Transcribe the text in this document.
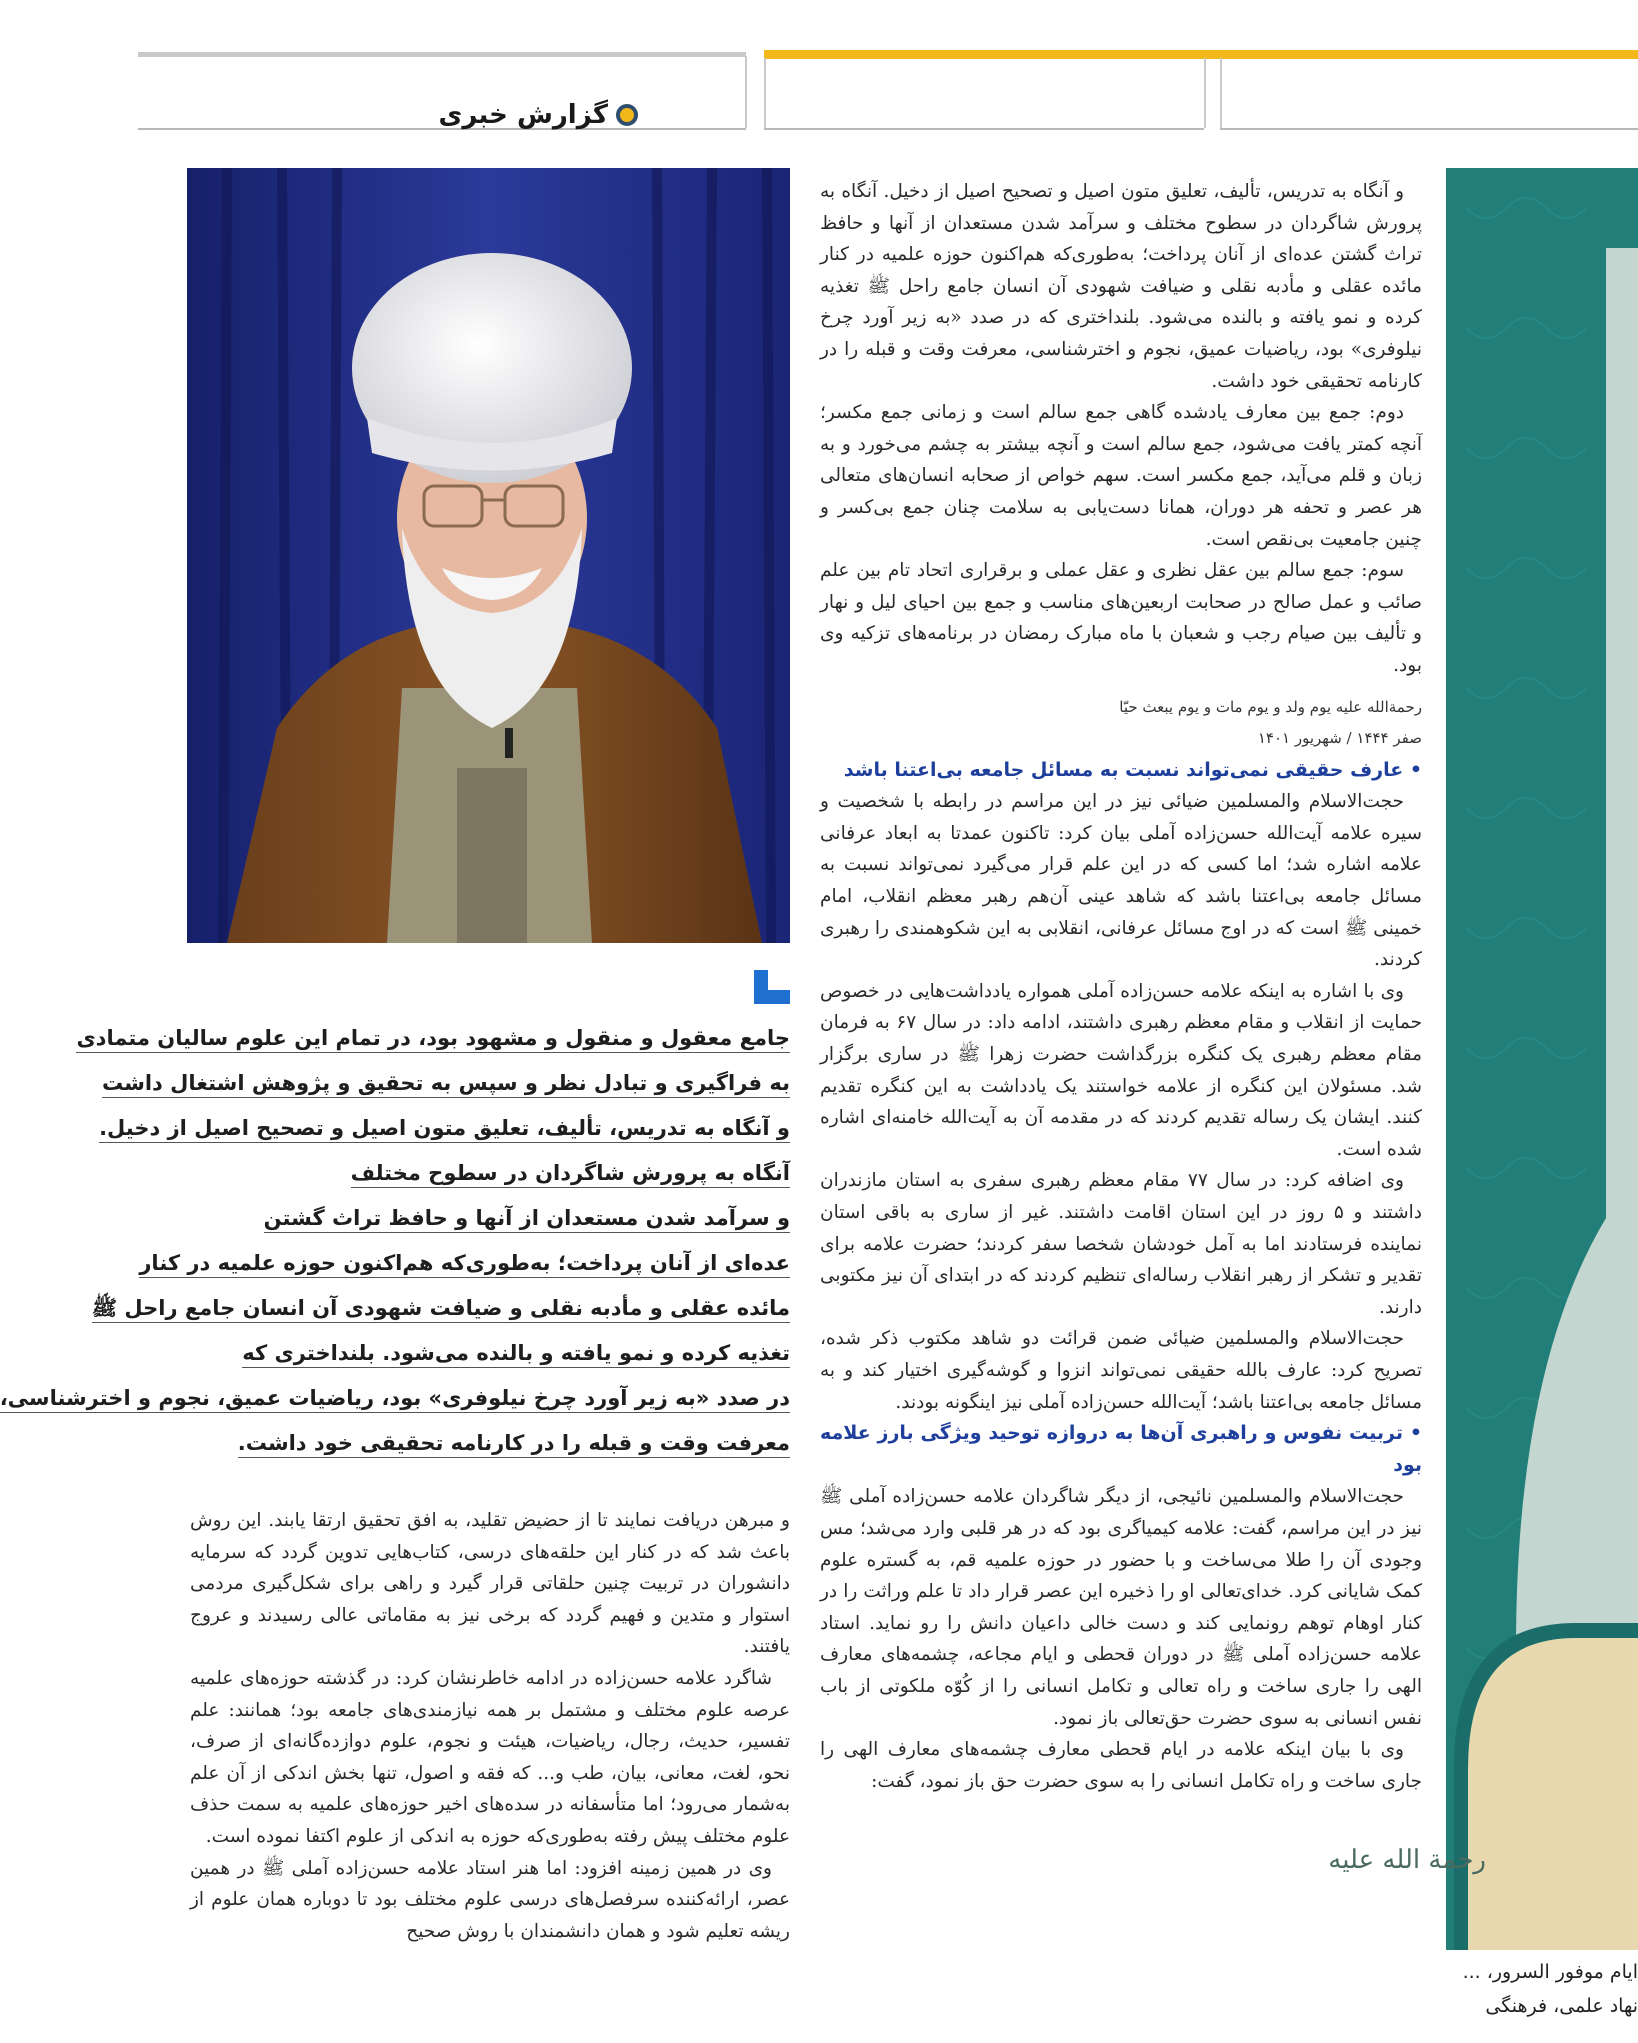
گزارش خبری
جامع معقول و منقول و مشهود بود، در تمام این علوم سالیان متمادی
به فراگیری و تبادل نظر و سپس به تحقیق و پژوهش اشتغال داشت
و آنگاه به تدریس، تألیف، تعلیق متون اصیل و تصحیح اصیل از دخیل.
آنگاه به پرورش شاگردان در سطوح مختلف
و سرآمد شدن مستعدان از آنها و حافظ تراث گشتن
عده‌ای از آنان پرداخت؛ به‌طوری‌که هم‌اکنون حوزه علمیه در کنار
مائده عقلی و مأدبه نقلی و ضیافت شهودی آن انسان جامع راحل ﷺ
تغذیه کرده و نمو یافته و بالنده می‌شود. بلنداختری که
در صدد «به زیر آورد چرخ نیلوفری» بود، ریاضیات عمیق، نجوم و اخترشناسی،
معرفت وقت و قبله را در کارنامه تحقیقی خود داشت.

و آنگاه به تدریس، تألیف، تعلیق متون اصیل و تصحیح اصیل از دخیل. آنگاه به پرورش شاگردان در سطوح مختلف و سرآمد شدن مستعدان از آنها و حافظ تراث گشتن عده‌ای از آنان پرداخت؛ به‌طوری‌که هم‌اکنون حوزه علمیه در کنار مائده عقلی و مأدبه نقلی و ضیافت شهودی آن انسان جامع راحل ﷺ تغذیه کرده و نمو یافته و بالنده می‌شود. بلنداختری که در صدد «به زیر آورد چرخ نیلوفری» بود، ریاضیات عمیق، نجوم و اخترشناسی، معرفت وقت و قبله را در کارنامه تحقیقی خود داشت.

دوم: جمع بین معارف یادشده گاهی جمع سالم است و زمانی جمع مکسر؛ آنچه کمتر یافت می‌شود، جمع سالم است و آنچه بیشتر به چشم می‌خورد و به زبان و قلم می‌آید، جمع مکسر است. سهم خواص از صحابه انسان‌های متعالی هر عصر و تحفه هر دوران، همانا دست‌یابی به سلامت چنان جمع بی‌کسر و چنین جامعیت بی‌نقص است.

سوم: جمع سالم بین عقل نظری و عقل عملی و برقراری اتحاد تام بین علم صائب و عمل صالح در صحابت اربعین‌های مناسب و جمع بین احیای لیل و نهار و تألیف بین صیام رجب و شعبان با ماه مبارک رمضان در برنامه‌های تزکیه وی بود.

رحمةالله علیه یوم ولد و یوم مات و یوم یبعث حیّا

صفر ۱۴۴۴ / شهریور ۱۴۰۱

• عارف حقیقی نمی‌تواند نسبت به مسائل جامعه بی‌اعتنا باشد

حجت‌الاسلام والمسلمین ضیائی نیز در این مراسم در رابطه با شخصیت و سیره علامه آیت‌الله حسن‌زاده آملی بیان کرد: تاکنون عمدتا به ابعاد عرفانی علامه اشاره شد؛ اما کسی که در این علم قرار می‌گیرد نمی‌تواند نسبت به مسائل جامعه بی‌اعتنا باشد که شاهد عینی آن‌هم رهبر معظم انقلاب، امام خمینی ﷺ است که در اوج مسائل عرفانی، انقلابی به این شکوهمندی را رهبری کردند.

وی با اشاره به اینکه علامه حسن‌زاده آملی همواره یادداشت‌هایی در خصوص حمایت از انقلاب و مقام معظم رهبری داشتند، ادامه داد: در سال ۶۷ به فرمان مقام معظم رهبری یک کنگره بزرگداشت حضرت زهرا ﷺ در ساری برگزار شد. مسئولان این کنگره از علامه خواستند یک یادداشت به این کنگره تقدیم کنند. ایشان یک رساله تقدیم کردند که در مقدمه آن به آیت‌الله خامنه‌ای اشاره شده است.

وی اضافه کرد: در سال ۷۷ مقام معظم رهبری سفری به استان مازندران داشتند و ۵ روز در این استان اقامت داشتند. غیر از ساری به باقی استان نماینده فرستادند اما به آمل خودشان شخصا سفر کردند؛ حضرت علامه برای تقدیر و تشکر از رهبر انقلاب رساله‌ای تنظیم کردند که در ابتدای آن نیز مکتوبی دارند.

حجت‌الاسلام والمسلمین ضیائی ضمن قرائت دو شاهد مکتوب ذکر شده، تصریح کرد: عارف بالله حقیقی نمی‌تواند انزوا و گوشه‌گیری اختیار کند و به مسائل جامعه بی‌اعتنا باشد؛ آیت‌الله حسن‌زاده آملی نیز اینگونه بودند.

• تربیت نفوس و راهبری آن‌ها به دروازه توحید ویژگی بارز علامه بود

حجت‌الاسلام والمسلمین نائیجی، از دیگر شاگردان علامه حسن‌زاده آملی ﷺ نیز در این مراسم، گفت: علامه کیمیاگری بود که در هر قلبی وارد می‌شد؛ مس وجودی آن را طلا می‌ساخت و با حضور در حوزه علمیه قم، به گستره علوم کمک شایانی کرد. خدای‌تعالی او را ذخیره این عصر قرار داد تا علم وراثت را در کنار اوهام توهم رونمایی کند و دست خالی داعیان دانش را رو نماید. استاد علامه حسن‌زاده آملی ﷺ در دوران قحطی و ایام مجاعه، چشمه‌های معارف الهی را جاری ساخت و راه تعالی و تکامل انسانی را از کُوّه ملکوتی از باب نفس انسانی به سوی حضرت حق‌تعالی باز نمود.

وی با بیان اینکه علامه در ایام قحطی معارف چشمه‌های معارف الهی را جاری ساخت و راه تکامل انسانی را به سوی حضرت حق باز نمود، گفت:

و مبرهن دریافت نمایند تا از حضیض تقلید، به افق تحقیق ارتقا یابند. این روش باعث شد که در کنار این حلقه‌های درسی، کتاب‌هایی تدوین گردد که سرمایه دانشوران در تربیت چنین حلقاتی قرار گیرد و راهی برای شکل‌گیری مردمی استوار و متدین و فهیم گردد که برخی نیز به مقاماتی عالی رسیدند و عروج یافتند.

شاگرد علامه حسن‌زاده در ادامه خاطرنشان کرد: در گذشته حوزه‌های علمیه عرصه علوم مختلف و مشتمل بر همه نیازمندی‌های جامعه بود؛ همانند: علم تفسیر، حدیث، رجال، ریاضیات، هیئت و نجوم، علوم دوازده‌گانه‌ای از صرف، نحو، لغت، معانی، بیان، طب و... که فقه و اصول، تنها بخش اندکی از آن علم به‌شمار می‌رود؛ اما متأسفانه در سده‌های اخیر حوزه‌های علمیه به سمت حذف علوم مختلف پیش رفته به‌طوری‌که حوزه به اندکی از علوم اکتفا نموده است.

وی در همین زمینه افزود: اما هنر استاد علامه حسن‌زاده آملی ﷺ در همین عصر، ارائه‌کننده سرفصل‌های درسی علوم مختلف بود تا دوباره همان علوم از ریشه تعلیم شود و همان دانشمندان با روش صحیح

رحمة الله علیه
ایام موفور السرور، ...
نهاد علمی، فرهنگی
